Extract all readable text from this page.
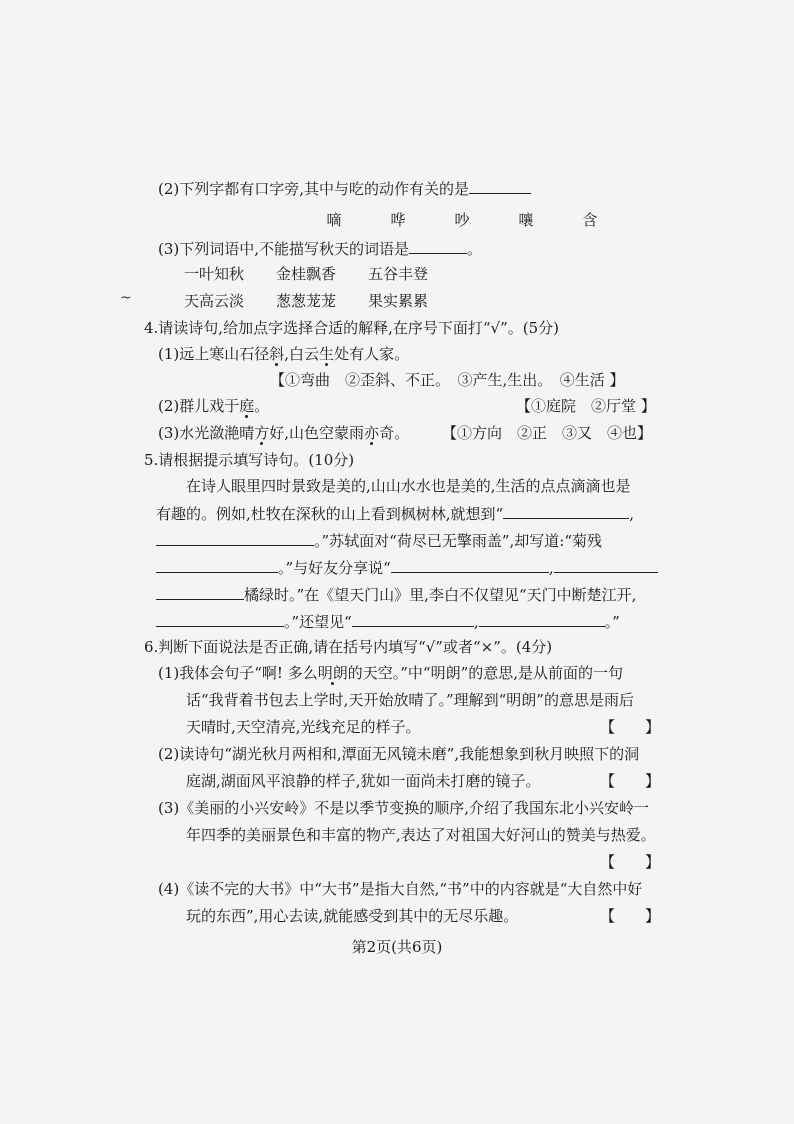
(2)下列字都有口字旁,其中与吃的动作有关的是
嘀	哗	吵	嚷	含
(3)下列词语中,不能描写秋天的词语是	。
一叶知秋 金桂飘香 五谷丰登
~	天高云淡 葱葱茏茏 果实累累
4.请读诗句,给加点字选择合适的解释,在序号下面打“√”。(5分)
(1)远上寒山石径斜,白云生处有人家。
【①弯曲　②歪斜、不正。　③产生,生出。　④生活 】
(2)群儿戏于庭。	【①庭院　②厅堂 】
(3)水光潋滟晴方好,山色空蒙雨亦奇。 【①方向　②正　③又　④也】
5.请根据提示填写诗句。(10分)
在诗人眼里四时景致是美的,山山水水也是美的,生活的点点滴滴也是
有趣的。例如,杜牧在深秋的山上看到枫树林,就想到“	,
。”苏轼面对“荷尽已无擎雨盖”,却写道:“菊残
。”与好友分享说“	,
橘绿时。”在《望天门山》里,李白不仅望见“天门中断楚江开,
。”还望见“	,	。”
6.判断下面说法是否正确,请在括号内填写“√”或者“×”。(4分)
(1)我体会句子“啊! 多么明朗的天空。”中“明朗”的意思,是从前面的一句
话“我背着书包去上学时,天开始放晴了。”理解到“明朗”的意思是雨后
天晴时,天空清亮,光线充足的样子。	【　　】
(2)读诗句“湖光秋月两相和,潭面无风镜未磨”,我能想象到秋月映照下的洞
庭湖,湖面风平浪静的样子,犹如一面尚未打磨的镜子。	【　　】
(3)《美丽的小兴安岭》不是以季节变换的顺序,介绍了我国东北小兴安岭一
年四季的美丽景色和丰富的物产,表达了对祖国大好河山的赞美与热爱。
【　　】
(4)《读不完的大书》中“大书”是指大自然,“书”中的内容就是“大自然中好
玩的东西”,用心去读,就能感受到其中的无尽乐趣。	【　　】
第2页(共6页)
